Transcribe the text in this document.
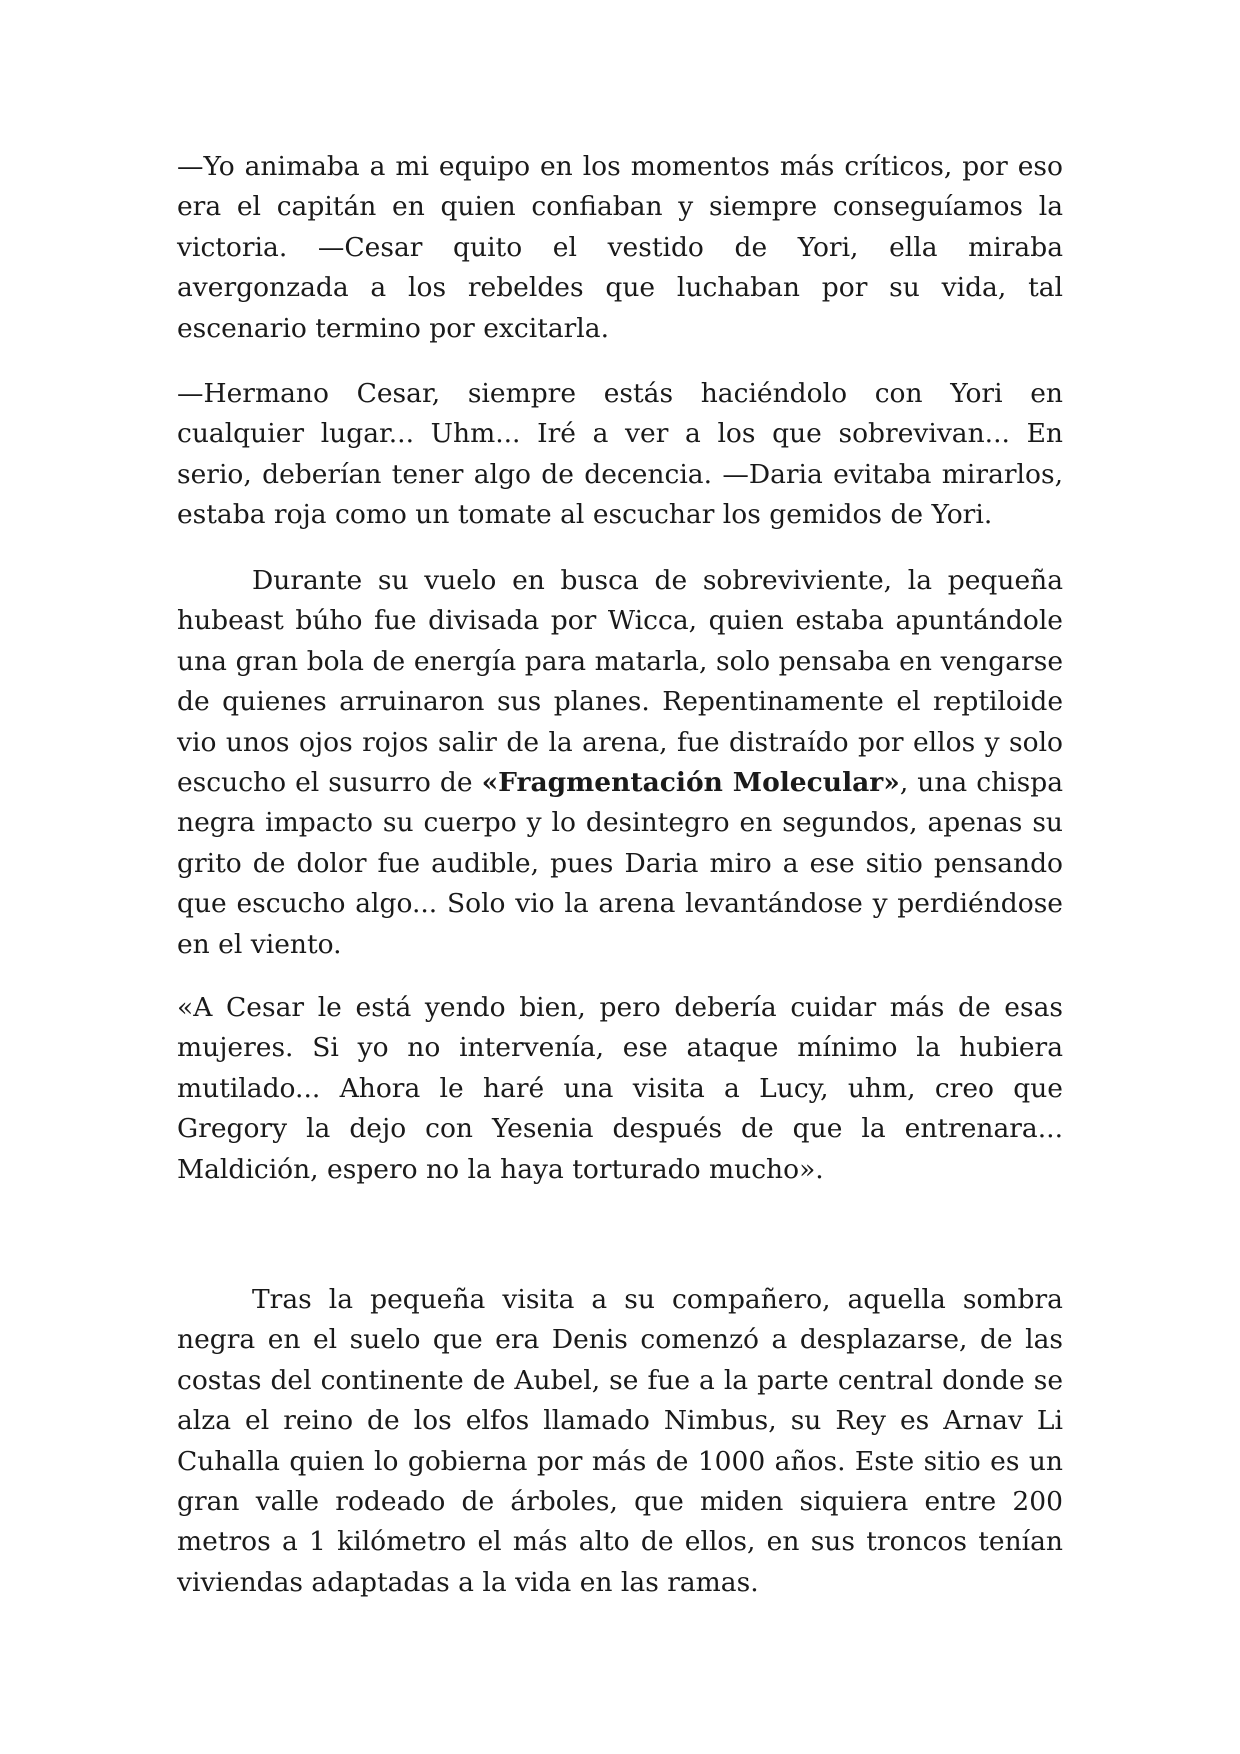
—Yo animaba a mi equipo en los momentos más críticos, por eso era el capitán en quien confiaban y siempre conseguíamos la victoria. —Cesar quito el vestido de Yori, ella miraba avergonzada a los rebeldes que luchaban por su vida, tal escenario termino por excitarla.

—Hermano Cesar, siempre estás haciéndolo con Yori en cualquier lugar... Uhm... Iré a ver a los que sobrevivan... En serio, deberían tener algo de decencia. —Daria evitaba mirarlos, estaba roja como un tomate al escuchar los gemidos de Yori.

Durante su vuelo en busca de sobreviviente, la pequeña hubeast búho fue divisada por Wicca, quien estaba apuntándole una gran bola de energía para matarla, solo pensaba en vengarse de quienes arruinaron sus planes. Repentinamente el reptiloide vio unos ojos rojos salir de la arena, fue distraído por ellos y solo escucho el susurro de «Fragmentación Molecular», una chispa negra impacto su cuerpo y lo desintegro en segundos, apenas su grito de dolor fue audible, pues Daria miro a ese sitio pensando que escucho algo... Solo vio la arena levantándose y perdiéndose en el viento.

«A Cesar le está yendo bien, pero debería cuidar más de esas mujeres. Si yo no intervenía, ese ataque mínimo la hubiera mutilado... Ahora le haré una visita a Lucy, uhm, creo que Gregory la dejo con Yesenia después de que la entrenara... Maldición, espero no la haya torturado mucho».

Tras la pequeña visita a su compañero, aquella sombra negra en el suelo que era Denis comenzó a desplazarse, de las costas del continente de Aubel, se fue a la parte central donde se alza el reino de los elfos llamado Nimbus, su Rey es Arnav Li Cuhalla quien lo gobierna por más de 1000 años. Este sitio es un gran valle rodeado de árboles, que miden siquiera entre 200 metros a 1 kilómetro el más alto de ellos, en sus troncos tenían viviendas adaptadas a la vida en las ramas.
